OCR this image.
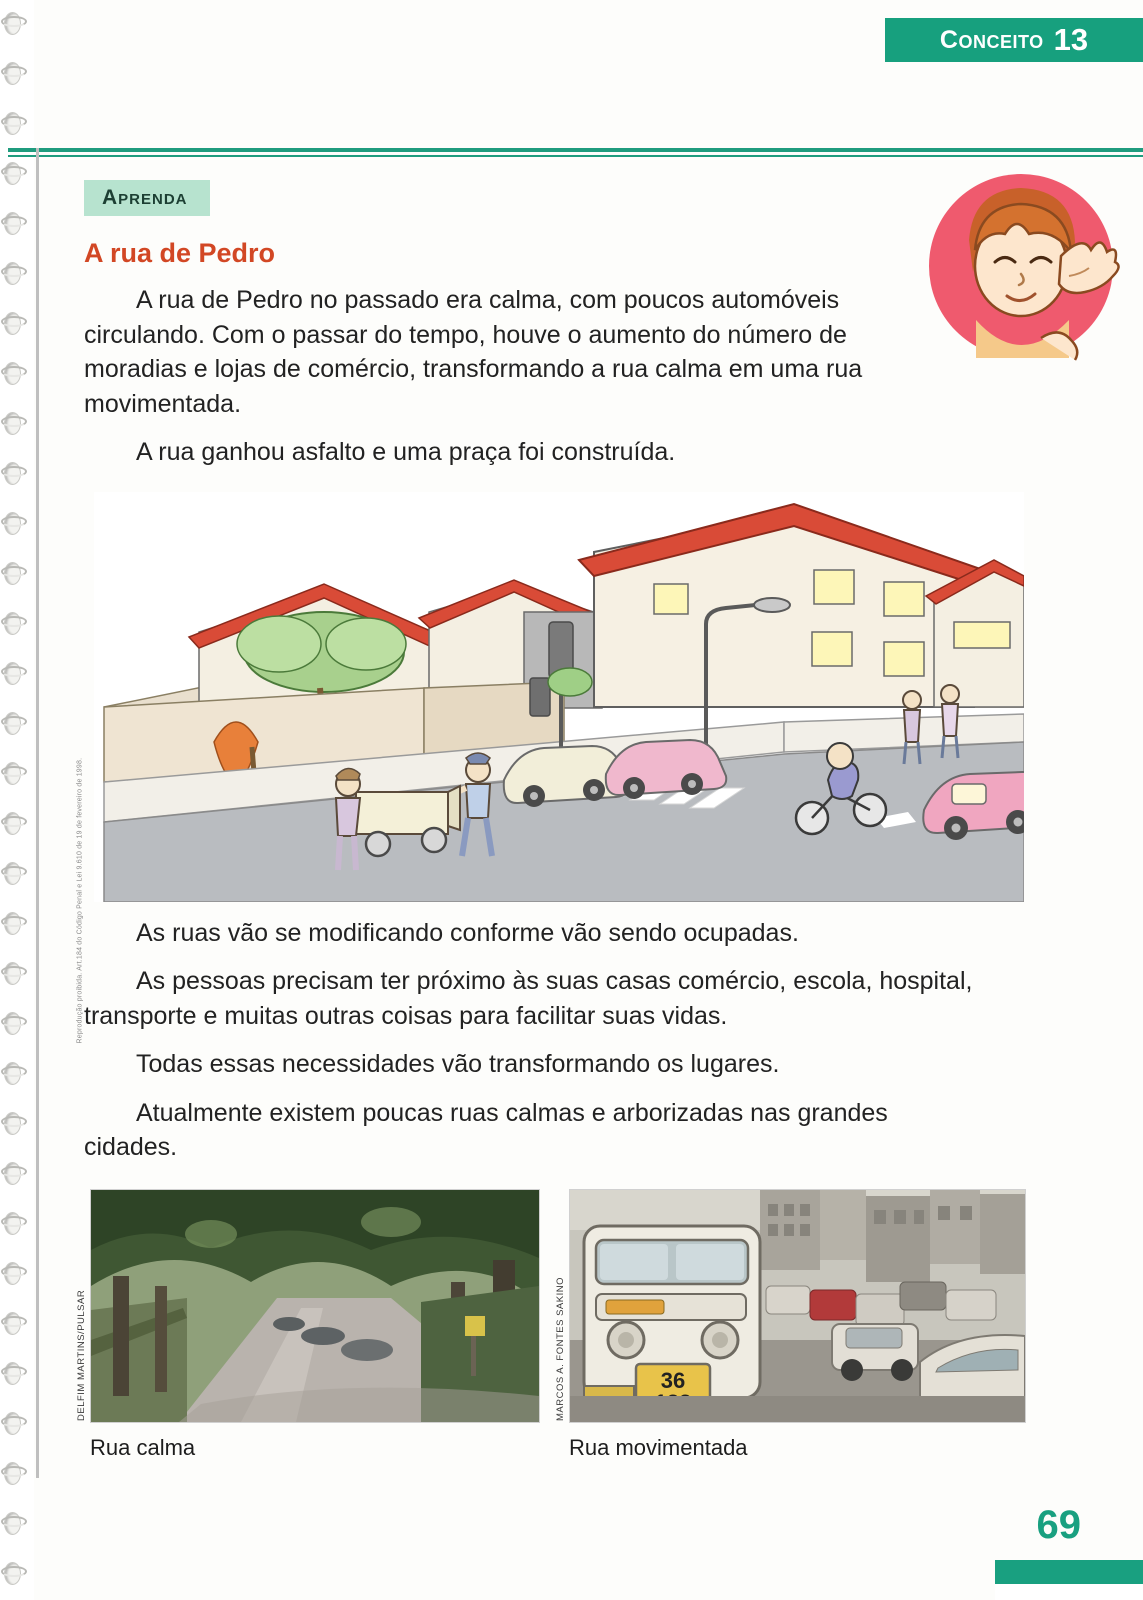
Conceito 13
Reprodução proibida. Art.184 do Código Penal e Lei 9.610 de 19 de fevereiro de 1998.
Aprenda
A rua de Pedro
A rua de Pedro no passado era calma, com poucos automóveis circulando. Com o passar do tempo, houve o aumento do número de moradias e lojas de comércio, transformando a rua calma em uma rua movimentada.
A rua ganhou asfalto e uma praça foi construída.
As ruas vão se modificando conforme vão sendo ocupadas.
As pessoas precisam ter próximo às suas casas comércio, escola, hospital, transporte e muitas outras coisas para facilitar suas vidas.
Todas essas necessidades vão transformando os lugares.
Atualmente existem poucas ruas calmas e arborizadas nas grandes cidades.
DELFIM MARTINS/PULSAR
Rua calma
36
MARCOS A. FONTES SAKINO
Rua movimentada
69
